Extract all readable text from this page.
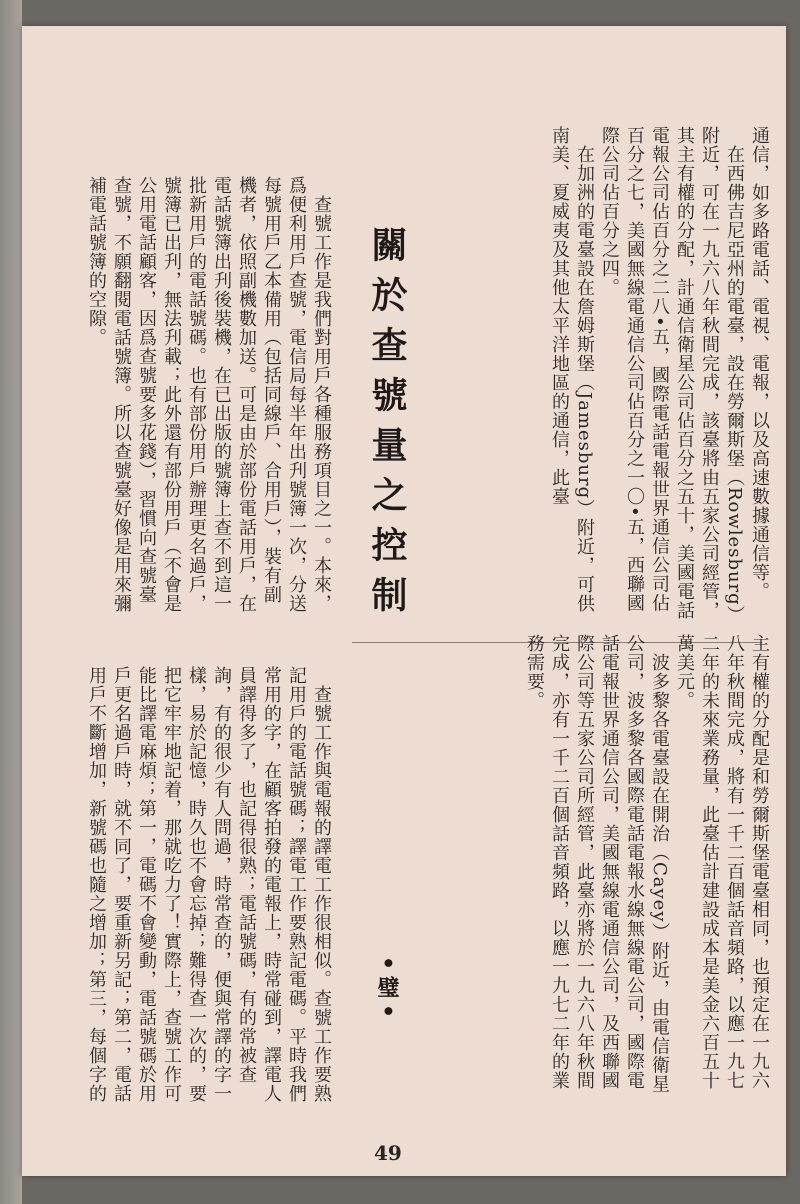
通信，如多路電話、電視、電報，以及高速數據通信等。
　在西佛吉尼亞州的電臺，設在勞爾斯堡（Rowlesburg）附近，可在一九六八年秋間完成，該臺將由五家公司經管，其主有權的分配，計通信衛星公司佔百分之五十，美國電話電報公司佔百分之二八•五，國際電話電報世界通信公司佔百分之七，美國無線電通信公司佔百分之一〇•五，西聯國際公司佔百分之四。
　在加洲的電臺設在詹姆斯堡（Jamesburg）附近，可供南美、夏威夷及其他太平洋地區的通信，此臺
關於查號量之控制
　查號工作是我們對用戶各種服務項目之一。本來，爲便利用戶查號，電信局每半年出刋號簿一次，分送每號用戶乙本備用（包括同線戶、合用戶），裝有副機者，依照副機數加送。可是由於部份電話用戶，在電話號簿出刋後裝機，在已出版的號簿上查不到這一批新用戶的電話號碼。也有部份用戶辦理更名過戶，號簿已出刋，無法刋載；此外還有部份用戶（不會是公用電話顧客，因爲查號要多花錢），習慣向查號臺查號，不願翻閱電話號簿。所以查號臺好像是用來彌補電話號簿的空隙。
主有權的分配是和勞爾斯堡電臺相同，也預定在一九六八年秋間完成，將有一千二百個話音頻路，以應一九七二年的未來業務量，此臺估計建設成本是美金六百五十萬美元。
　波多黎各電臺設在開治（Cayey）附近，由電信衛星公司，波多黎各國際電話電報水線無線電公司，國際電話電報世界通信公司，美國無線電通信公司，及西聯國際公司等五家公司所經管，此臺亦將於一九六八年秋間完成，亦有一千二百個話音頻路，以應一九七二年的業務需要。
•璧•
　查號工作與電報的譯電工作很相似。查號工作要熟記用戶的電話號碼；譯電工作要熟記電碼。平時我們常用的字，在顧客拍發的電報上，時常碰到，譯電人員譯得多了，也記得很熟；電話號碼，有的常被查詢，有的很少有人問過，時常查的，便與常譯的字一樣，易於記憶，時久也不會忘掉；難得查一次的，要把它牢牢地記着，那就吃力了！實際上，查號工作可能比譯電麻煩；第一，電碼不會變動，電話號碼於用戶更名過戶時，就不同了，要重新另記；第二，電話用戶不斷增加，新號碼也隨之增加；第三，每個字的
49
